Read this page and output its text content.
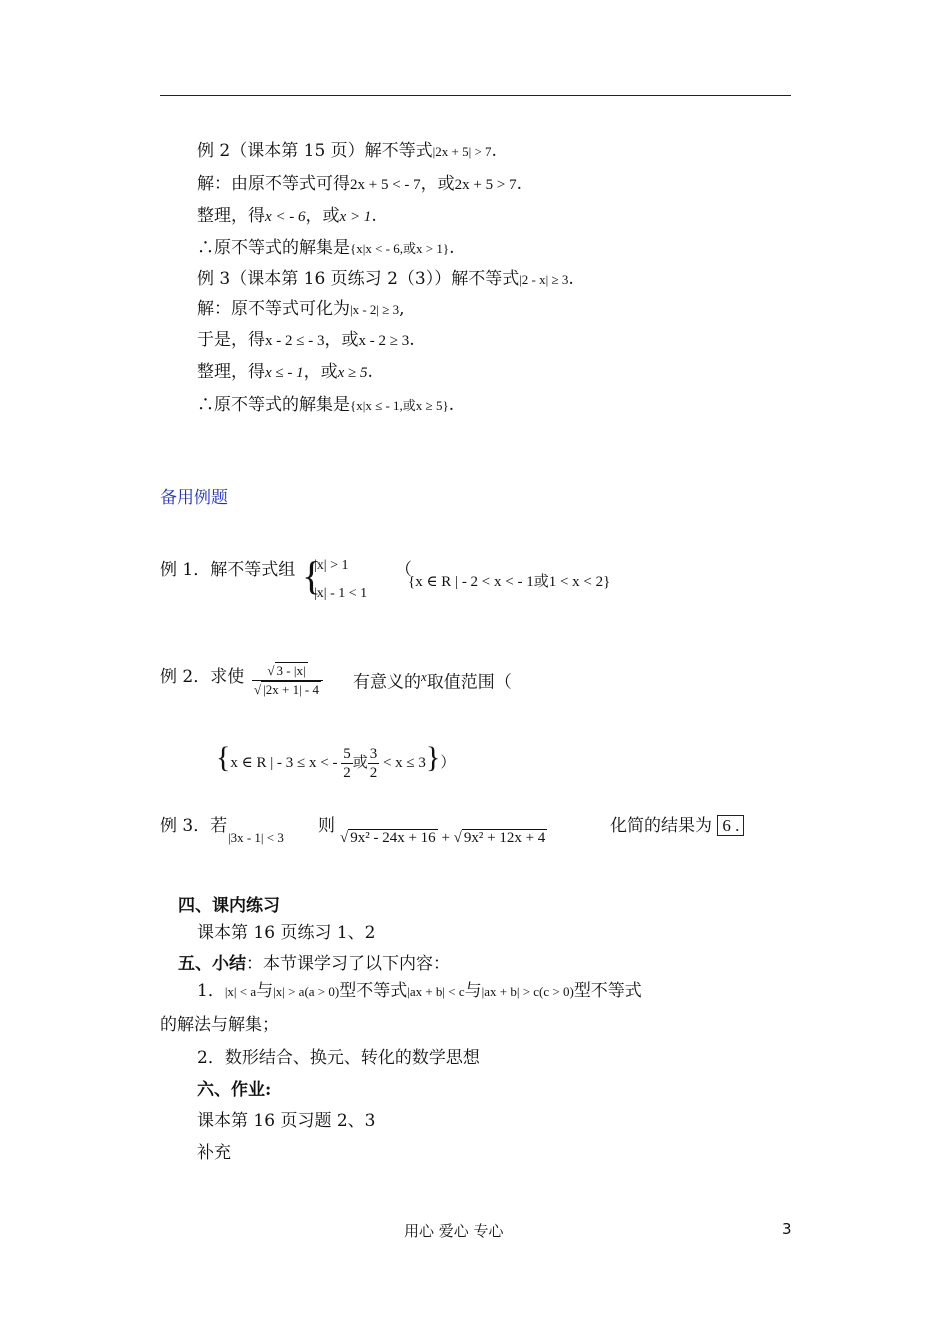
例 2（课本第 15 页）解不等式|2x + 5| > 7.
解：由原不等式可得2x + 5 < - 7，或2x + 5 > 7.
整理，得x < - 6，或x > 1.
∴原不等式的解集是{x|x < - 6,或x > 1}.
例 3（课本第 16 页练习 2（3））解不等式|2 - x| ≥ 3.
解：原不等式可化为|x - 2| ≥ 3,
于是，得x - 2 ≤ - 3，或x - 2 ≥ 3.
整理，得x ≤ - 1，或x ≥ 5.
∴原不等式的解集是{x|x ≤ - 1,或x ≥ 5}.
备用例题
例 1．解不等式组 {
|x| > 1
|x| - 1 < 1
（
{x ∈ R | - 2 < x < - 1或1 < x < 2}
例 2．求使 $\frac{√ 3 - |x|}{√ |2x + 1| - 4}$ 有意义的$^x$取值范围（
{x ∈ R | - 3 ≤ x < - $\frac{5}{2}$ 或 $\frac{3}{2} < x \le 3$}）
例 3．若
|3x - 1| < 3
则
√ 9x² - 24x + 16 + √ 9x² + 12x + 4
化简的结果为 6 .
四、课内练习
课本第 16 页练习 1、2
五、小结：本节课学习了以下内容：
1．|x| < a与|x| > a(a > 0)型不等式|ax + b| < c与|ax + b| > c(c > 0)型不等式
的解法与解集；
2．数形结合、换元、转化的数学思想
六、作业:
课本第 16 页习题 2、3
补充
用心 爱心 专心	3
